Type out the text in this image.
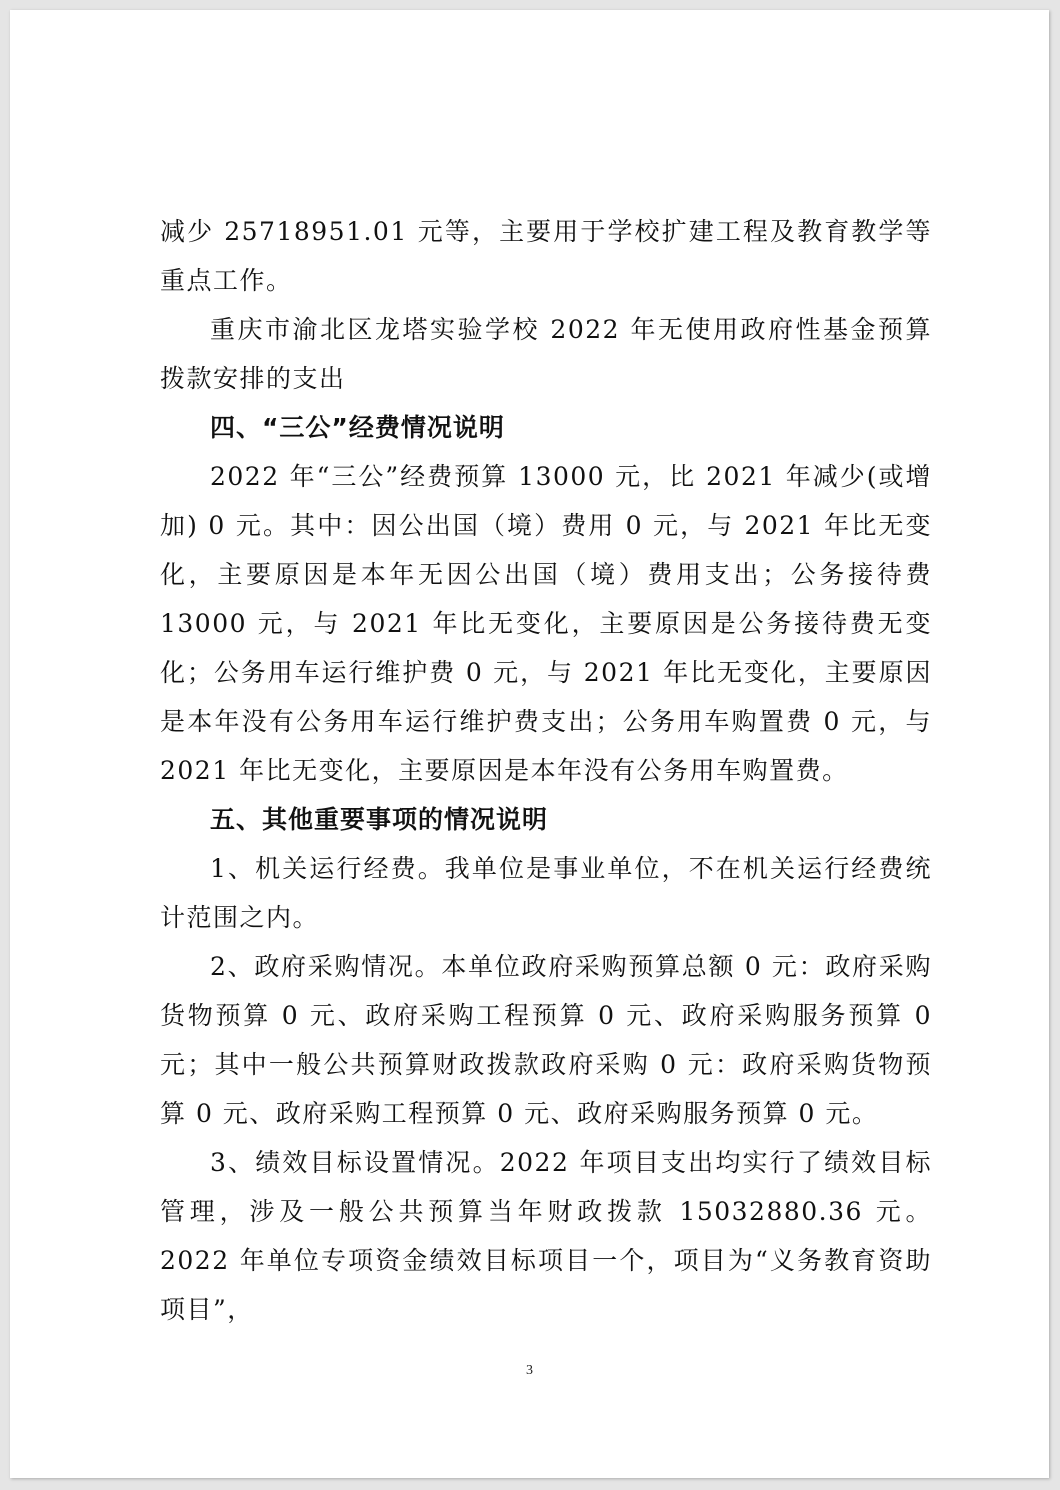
减少 25718951.01 元等，主要用于学校扩建工程及教育教学等重点工作。

重庆市渝北区龙塔实验学校 2022 年无使用政府性基金预算拨款安排的支出

四、“三公”经费情况说明

2022 年“三公”经费预算 13000 元，比 2021 年减少(或增加) 0 元。其中：因公出国（境）费用 0 元，与 2021 年比无变化，主要原因是本年无因公出国（境）费用支出；公务接待费 13000 元，与 2021 年比无变化，主要原因是公务接待费无变化；公务用车运行维护费 0 元，与 2021 年比无变化，主要原因是本年没有公务用车运行维护费支出；公务用车购置费 0 元，与 2021 年比无变化，主要原因是本年没有公务用车购置费。

五、其他重要事项的情况说明

1、机关运行经费。我单位是事业单位，不在机关运行经费统计范围之内。

2、政府采购情况。本单位政府采购预算总额 0 元：政府采购货物预算 0 元、政府采购工程预算 0 元、政府采购服务预算 0 元；其中一般公共预算财政拨款政府采购 0 元：政府采购货物预算 0 元、政府采购工程预算 0 元、政府采购服务预算 0 元。

3、绩效目标设置情况。2022 年项目支出均实行了绩效目标管理，涉及一般公共预算当年财政拨款 15032880.36 元。2022 年单位专项资金绩效目标项目一个，项目为“义务教育资助项目”，

3
